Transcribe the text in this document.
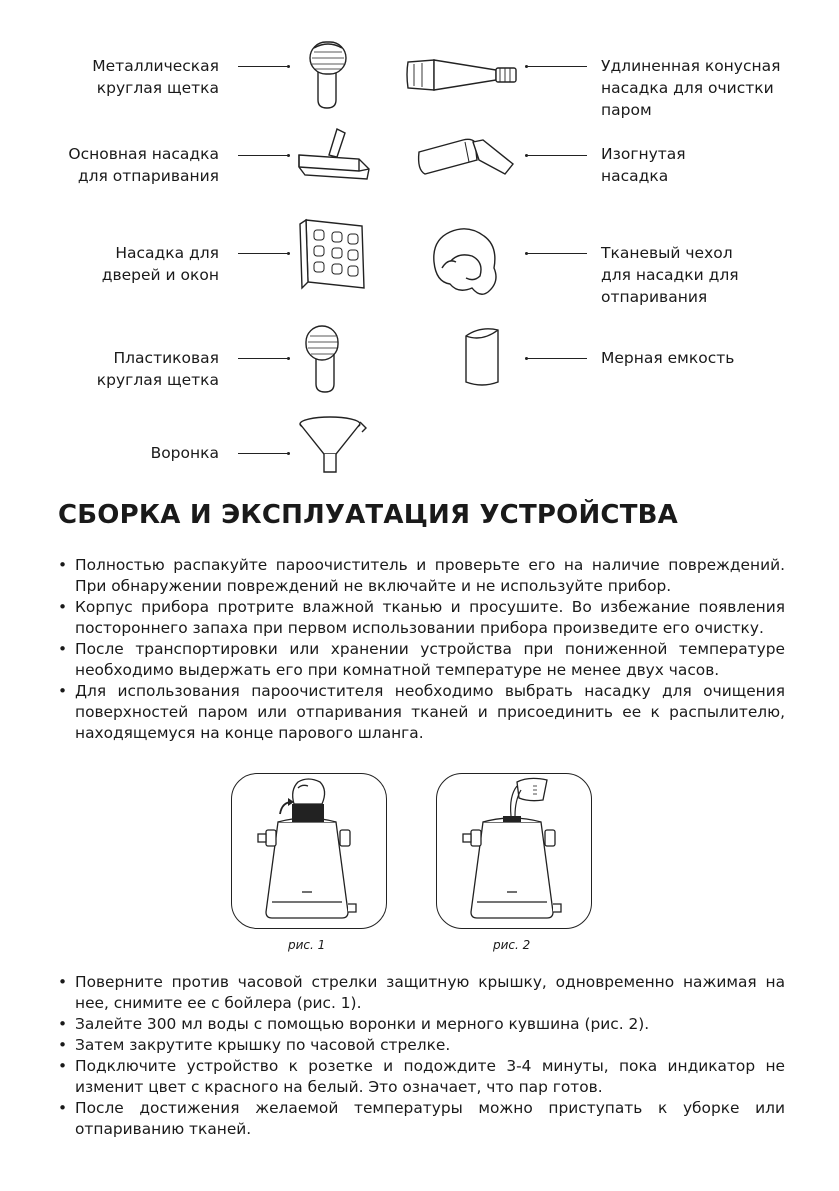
Металлическая
круглая щетка
Основная насадка
для отпаривания
Насадка для
дверей и окон
Пластиковая
круглая щетка
Воронка
Удлиненная конусная
насадка для очистки
паром
Изогнутая
насадка
Тканевый чехол
для насадки для
отпаривания
Мерная емкость
СБОРКА И ЭКСПЛУАТАЦИЯ УСТРОЙСТВА
• Полностью распакуйте пароочиститель и проверьте его на наличие повреждений. При обнаружении повреждений не включайте и не используйте прибор.
• Корпус прибора протрите влажной тканью и просушите. Во избежание появления постороннего запаха при первом использовании прибора произведите его очистку.
• После транспортировки или хранении устройства при пониженной температуре необходимо выдержать его при комнатной температуре не менее двух часов.
• Для использования пароочистителя необходимо выбрать насадку для очищения поверхностей паром или отпаривания тканей и присоединить ее к распылителю, находящемуся на конце парового шланга.
рис. 1	рис. 2
• Поверните против часовой стрелки защитную крышку, одновременно нажимая на нее, снимите ее с бойлера (рис. 1).
• Залейте 300 мл воды с помощью воронки и мерного кувшина (рис. 2).
• Затем закрутите крышку по часовой стрелке.
• Подключите устройство к розетке и подождите 3-4 минуты, пока индикатор не изменит цвет с красного на белый. Это означает, что пар готов.
• После достижения желаемой температуры можно приступать к уборке или отпариванию тканей.
